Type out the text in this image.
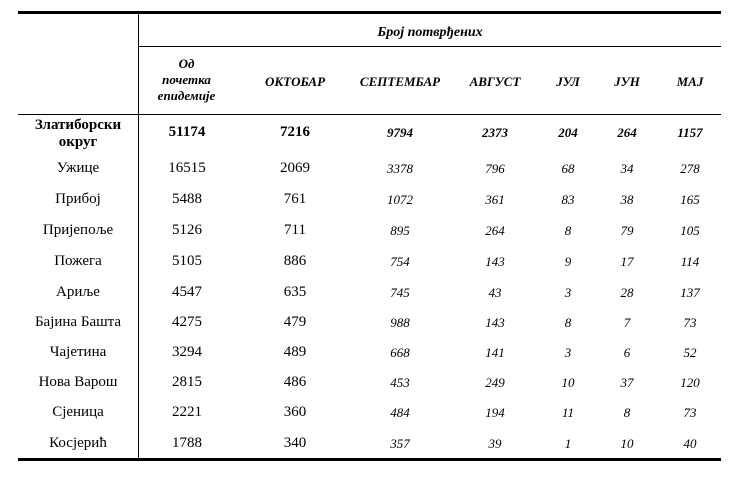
Број потврђених
Од
почетка
епидемије
ОКТОБАР	СЕПТЕМБАР	АВГУСТ	ЈУЛ	ЈУН	МАЈ
Златиборски
округ
51174	7216	9794	2373	204	264	1157
Ужице	16515	2069	3378	796	68	34	278
Прибој	5488	761	1072	361	83	38	165
Пријепоље	5126	711	895	264	8	79	105
Пожега	5105	886	754	143	9	17	114
Ариље	4547	635	745	43	3	28	137
Бајина Башта	4275	479	988	143	8	7	73
Чајетина	3294	489	668	141	3	6	52
Нова Варош	2815	486	453	249	10	37	120
Сјеница	2221	360	484	194	11	8	73
Косјерић	1788	340	357	39	1	10	40
